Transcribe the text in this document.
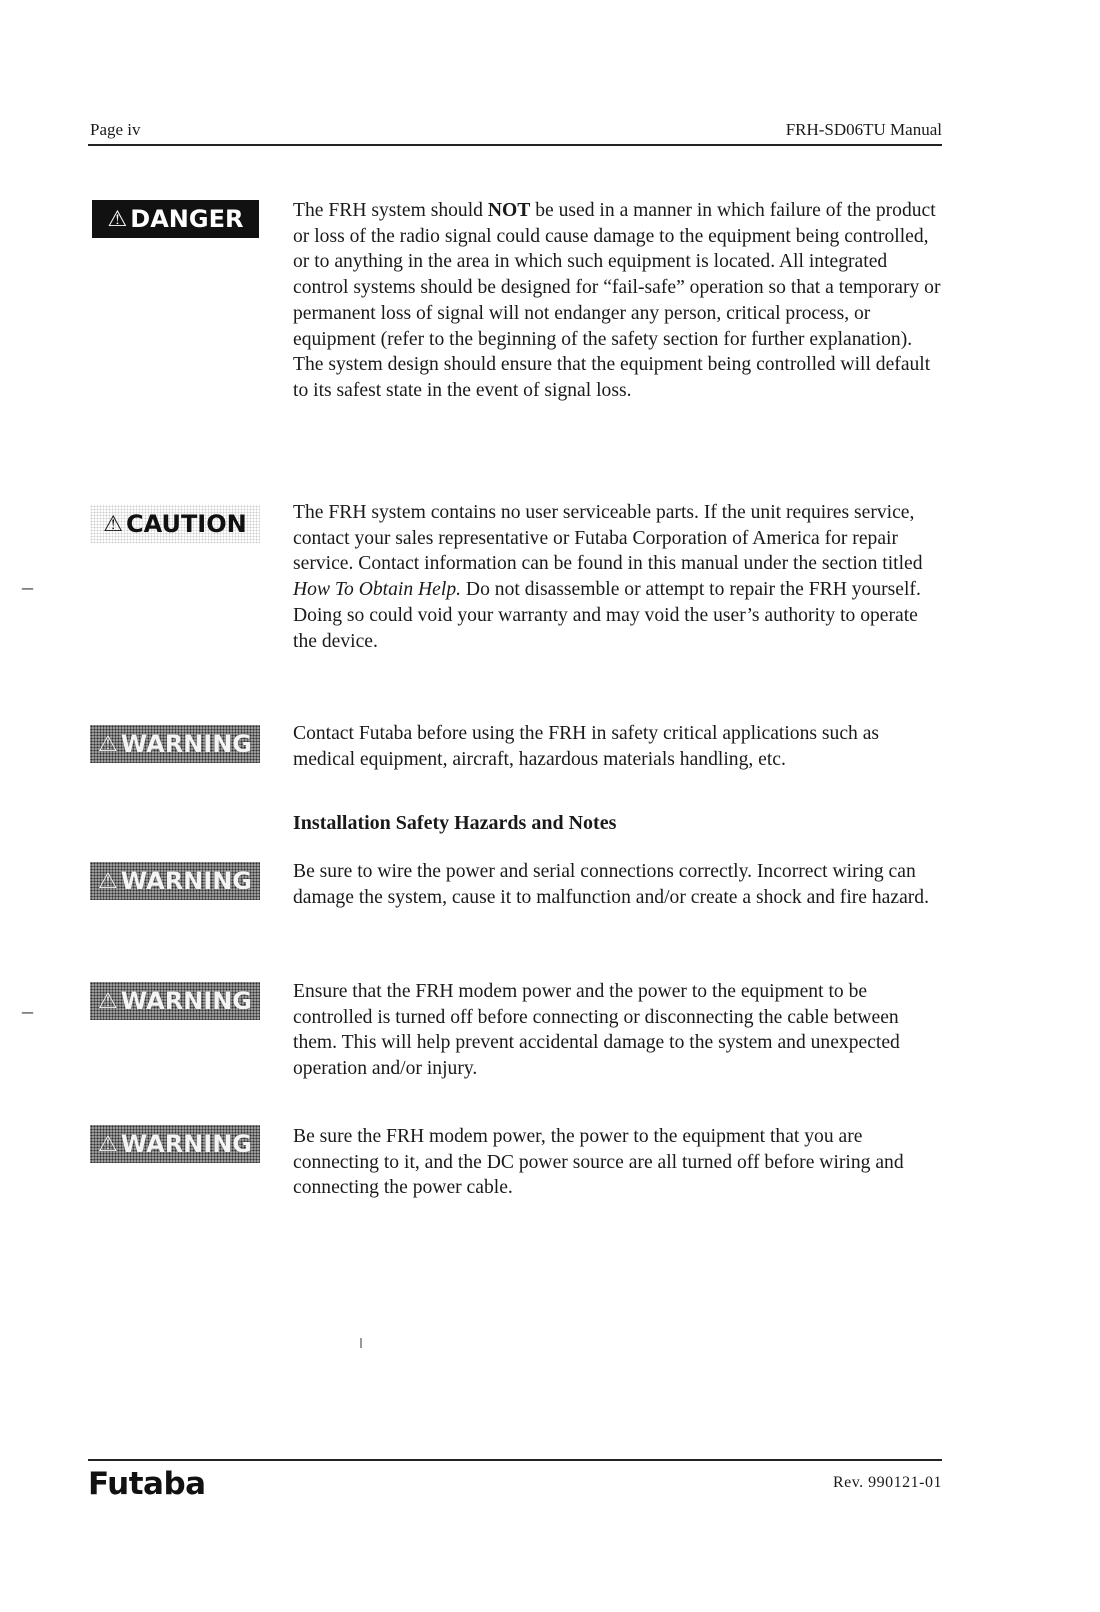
Page iv	FRH-SD06TU Manual
⚠ DANGER	The FRH system should NOT be used in a manner in which failure of the product or loss of the radio signal could cause damage to the equipment being controlled, or to anything in the area in which such equipment is located. All integrated control systems should be designed for “fail-safe” operation so that a temporary or permanent loss of signal will not endanger any person, critical process, or equipment (refer to the beginning of the safety section for further explanation). The system design should ensure that the equipment being controlled will default to its safest state in the event of signal loss.

⚠ CAUTION The FRH system contains no user serviceable parts. If the unit requires service, contact your sales representative or Futaba Corporation of America for repair service. Contact information can be found in this manual under the section titled How To Obtain Help. Do not disassemble or attempt to repair the FRH yourself. Doing so could void your warranty and may void the user’s authority to operate the device.

–
⚠ WARNING Contact Futaba before using the FRH in safety critical applications such as medical equipment, aircraft, hazardous materials handling, etc.

Installation Safety Hazards and Notes
⚠ WARNING Be sure to wire the power and serial connections correctly. Incorrect wiring can damage the system, cause it to malfunction and/or create a shock and fire hazard.

⚠ WARNING Ensure that the FRH modem power and the power to the equipment to be controlled is turned off before connecting or disconnecting the cable between them. This will help prevent accidental damage to the system and unexpected operation and/or injury.

–
⚠ WARNING Be sure the FRH modem power, the power to the equipment that you are connecting to it, and the DC power source are all turned off before wiring and connecting the power cable.

Futaba	Rev. 990121-01
